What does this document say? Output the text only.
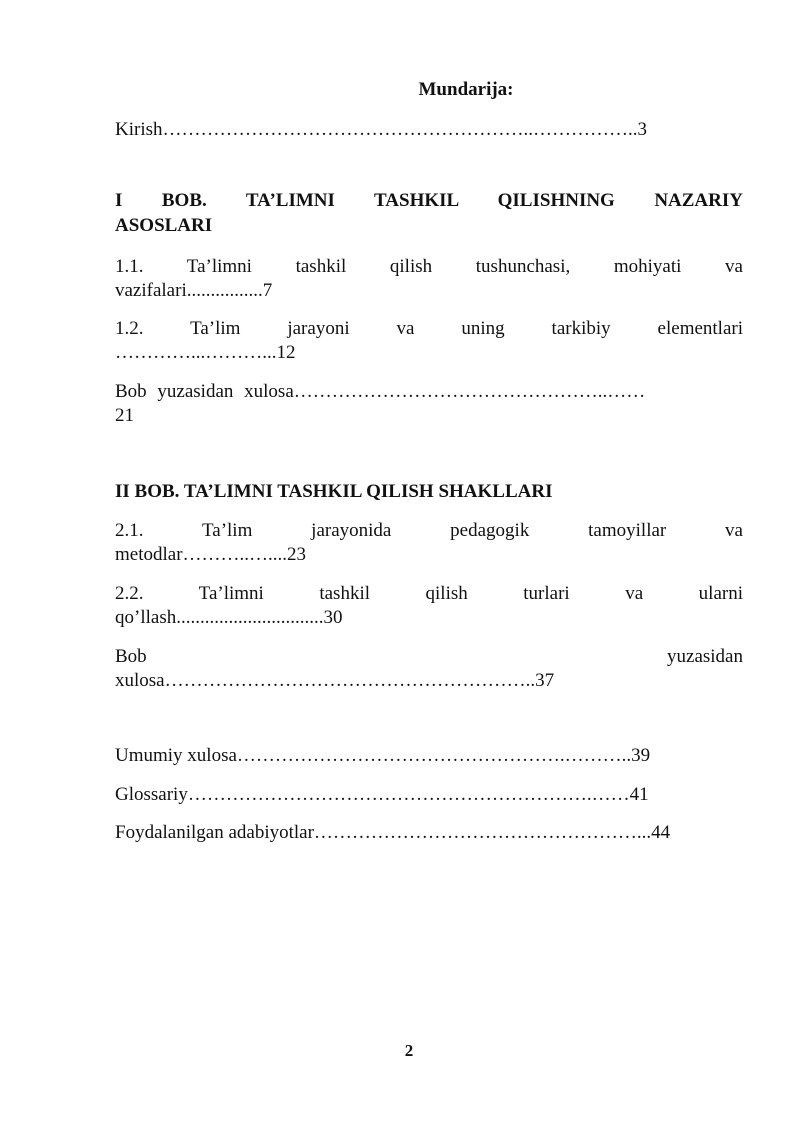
Mundarija:
Kirish…………………………………………………..……………..3
I BOB. TA’LIMNI TASHKIL QILISHNING NAZARIY
ASOSLARI
1.1. Ta’limni tashkil qilish tushunchasi, mohiyati va
vazifalari................7
1.2. Ta’lim jarayoni va uning tarkibiy elementlari
…………...………...12
Bob yuzasidan xulosa…………………………………………..……
21
II BOB. TA’LIMNI TASHKIL QILISH SHAKLLARI
2.1. Ta’lim jarayonida pedagogik tamoyillar va
metodlar………..…....23
2.2. Ta’limni tashkil qilish turlari va ularni
qo’llash...............................30
Bob yuzasidan
xulosa…………………………………………………..37
Umumiy xulosa…………………………………………….………..39
Glossariy……………………………………………………….……41
Foydalanilgan adabiyotlar……………………………………………...44
2
